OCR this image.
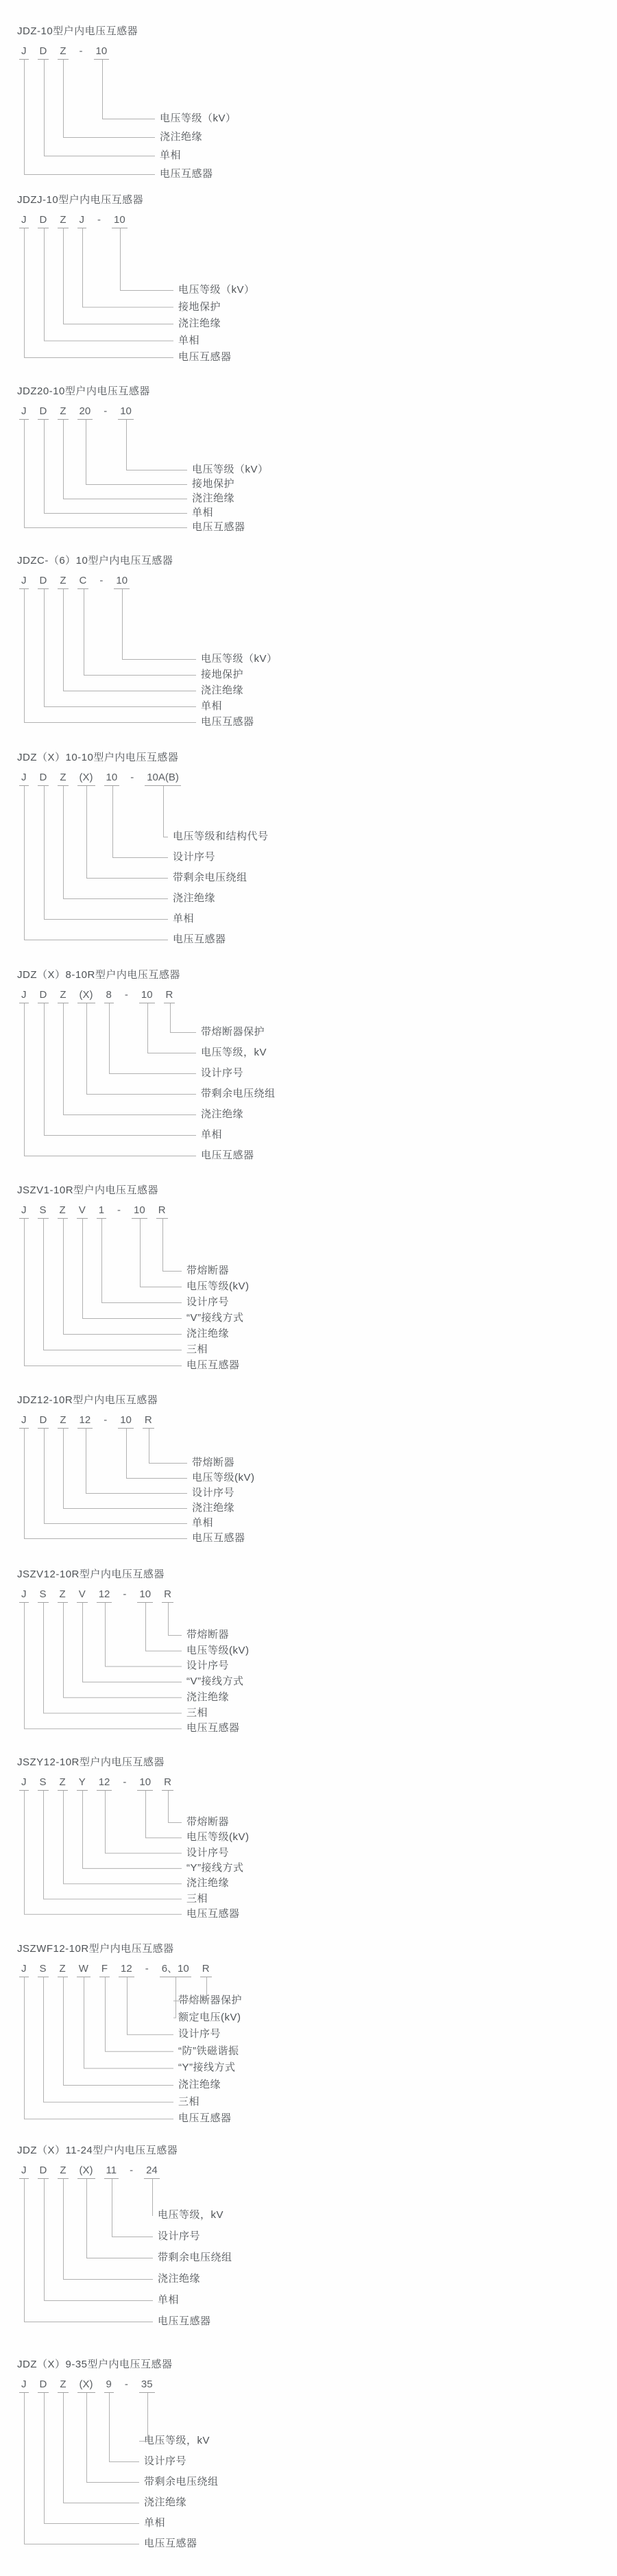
JDZ-10型户内电压互感器
J D Z - 10
电压等级（kV）
浇注绝缘
单相
电压互感器
JDZJ-10型户内电压互感器
J D Z J - 10
电压等级（kV）
接地保护
浇注绝缘
单相
电压互感器
JDZ20-10型户内电压互感器
J D Z 20 - 10
电压等级（kV）
接地保护
浇注绝缘
单相
电压互感器
JDZC-（6）10型户内电压互感器
J D Z C - 10
电压等级（kV）
接地保护
浇注绝缘
单相
电压互感器
JDZ（X）10-10型户内电压互感器
J D Z (X) 10 - 10A(B)
电压等级和结构代号
设计序号
带剩余电压绕组
浇注绝缘
单相
电压互感器
JDZ（X）8-10R型户内电压互感器
J D Z (X) 8 - 10 R
带熔断器保护
电压等级，kV
设计序号
带剩余电压绕组
浇注绝缘
单相
电压互感器
JSZV1-10R型户内电压互感器
J S Z V 1 - 10 R
带熔断器
电压等级(kV)
设计序号
“V”接线方式
浇注绝缘
三相
电压互感器
JDZ12-10R型户内电压互感器
J D Z 12 - 10 R
带熔断器
电压等级(kV)
设计序号
浇注绝缘
单相
电压互感器
JSZV12-10R型户内电压互感器
J S Z V 12 - 10 R
带熔断器
电压等级(kV)
设计序号
“V”接线方式
浇注绝缘
三相
电压互感器
JSZY12-10R型户内电压互感器
J S Z Y 12 - 10 R
带熔断器
电压等级(kV)
设计序号
“Y”接线方式
浇注绝缘
三相
电压互感器
JSZWF12-10R型户内电压互感器
J S Z W F 12 - 6、10 R
带熔断器保护
额定电压(kV)
设计序号
“防”铁磁谐振
“Y”接线方式
浇注绝缘
三相
电压互感器
JDZ（X）11-24型户内电压互感器
J D Z (X) 11 - 24
电压等级，kV
设计序号
带剩余电压绕组
浇注绝缘
单相
电压互感器
JDZ（X）9-35型户内电压互感器
J D Z (X) 9 - 35
电压等级，kV
设计序号
带剩余电压绕组
浇注绝缘
单相
电压互感器
